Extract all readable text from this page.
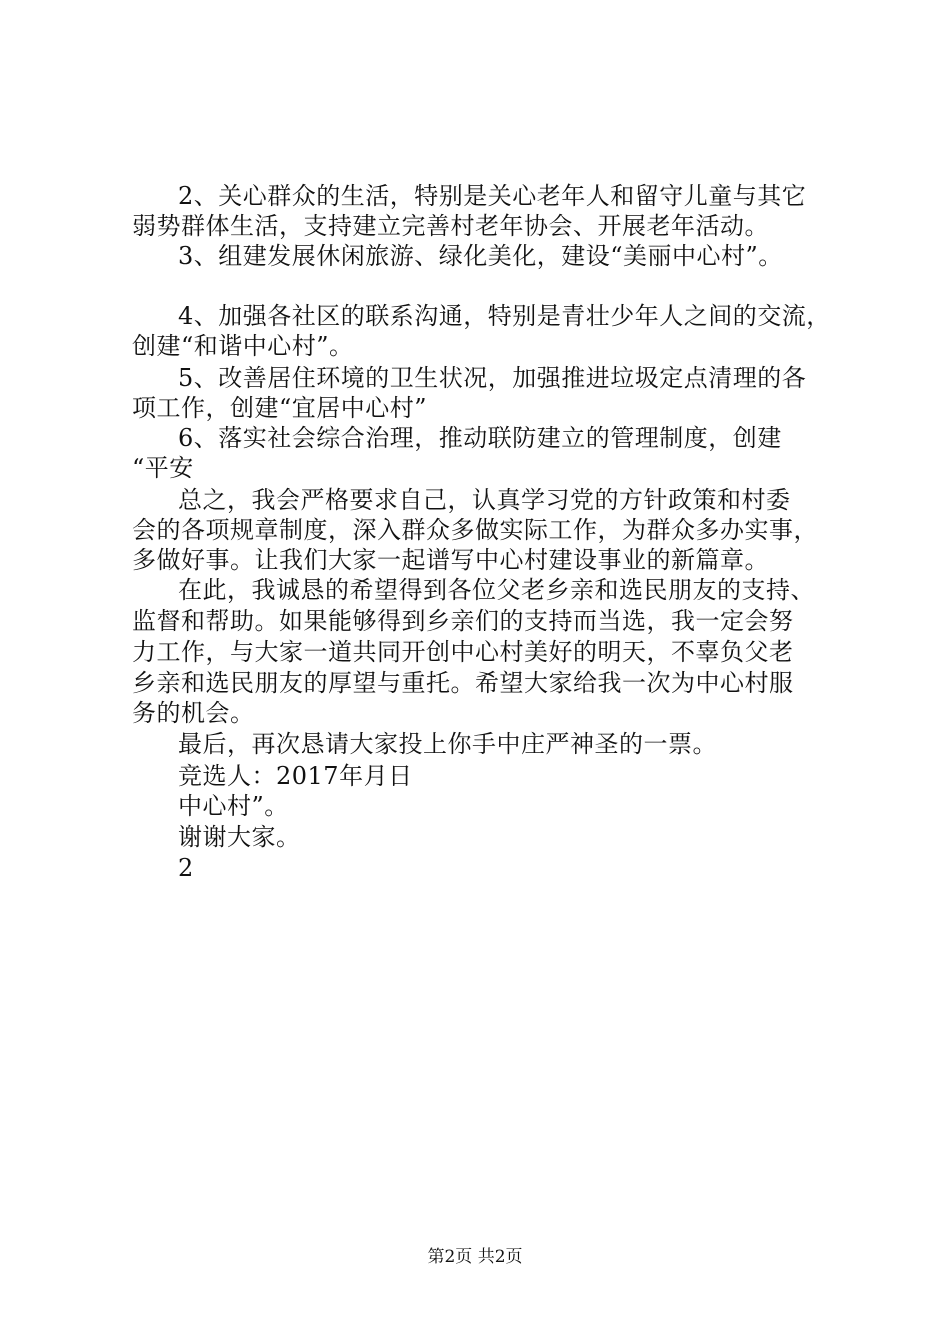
2、关心群众的生活，特别是关心老年人和留守儿童与其它
弱势群体生活，支持建立完善村老年协会、开展老年活动。
3、组建发展休闲旅游、绿化美化，建设“美丽中心村”。
4、加强各社区的联系沟通，特别是青壮少年人之间的交流，
创建“和谐中心村”。
5、改善居住环境的卫生状况，加强推进垃圾定点清理的各
项工作，创建“宜居中心村”
6、落实社会综合治理，推动联防建立的管理制度，创建
“平安
总之，我会严格要求自己，认真学习党的方针政策和村委
会的各项规章制度，深入群众多做实际工作，为群众多办实事，
多做好事。让我们大家一起谱写中心村建设事业的新篇章。
在此，我诚恳的希望得到各位父老乡亲和选民朋友的支持、
监督和帮助。如果能够得到乡亲们的支持而当选，我一定会努
力工作，与大家一道共同开创中心村美好的明天，不辜负父老
乡亲和选民朋友的厚望与重托。希望大家给我一次为中心村服
务的机会。
最后，再次恳请大家投上你手中庄严神圣的一票。
竞选人：2017年月日
中心村”。
谢谢大家。
2
第2页 共2页
